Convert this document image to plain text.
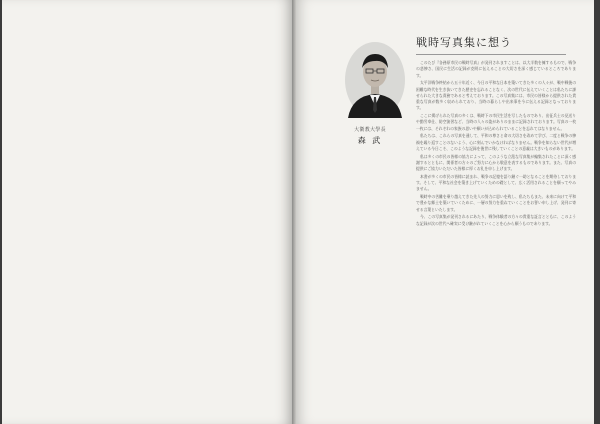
大衛教大學長
森 武
戦時写真集に想う

このたび『各務原市民の戦時写真』が発刊されますことは、以大半数を擁するもので、戦争の悲惨さ、国民に生活の記録が克明に伝えることの大切さを深く感じているところであります。

太平洋戦争終結から五十年近く、今日の平和な日本を築いてきた多くの人々が、戦中戦後の困難な時代を生き抜いてきた歴史を忘れることなく、次の世代に伝えていくことは私たちに課せられた大きな責務であると考えております。この写真集には、市民の皆様から提供された貴重な写真が数多く収められており、当時の暮らしや出来事を今に伝える記録となっております。

ここに掲げられた写真の多くは、戦時下の市民生活を写したものであり、出征兵士の見送りや勤労奉仕、防空演習など、当時の人々の姿がありのままに記録されております。写真の一枚一枚には、それぞれの家族の思いや願いが込められていることを忘れてはなりません。

私たちは、これらの写真を通して、平和の尊さと命の大切さを改めて学び、二度と戦争の惨禍を繰り返すことのないよう、心に刻んでいかなければなりません。戦争を知らない世代が増えている今日こそ、このような記録を後世に残していくことの意義は大きいものがあります。

私は多くの市民の皆様の協力によって、このような立派な写真集が編集されたことに深く感謝するとともに、関係者の方々のご努力に心から敬意を表するものであります。また、写真の提供にご協力いただいた皆様に厚くお礼を申し上げます。

本書が多くの市民の皆様に読まれ、戦争の記憶を語り継ぐ一助となることを期待しております。そして、平和な社会を築き上げていくための礎として、広く活用されることを願ってやみません。

戦時中の苦難を乗り越えてきた先人の努力に思いを致し、私たちもまた、未来に向けて平和で豊かな郷土を築いていくために、一層の努力を重ねていくことをお誓い申し上げ、発刊に寄せる言葉といたします。

今、この写真集が発刊されるにあたり、戦争体験者の方々の貴重な証言とともに、このような記録が次の世代へ確実に受け継がれていくことを心から願うものであります。
